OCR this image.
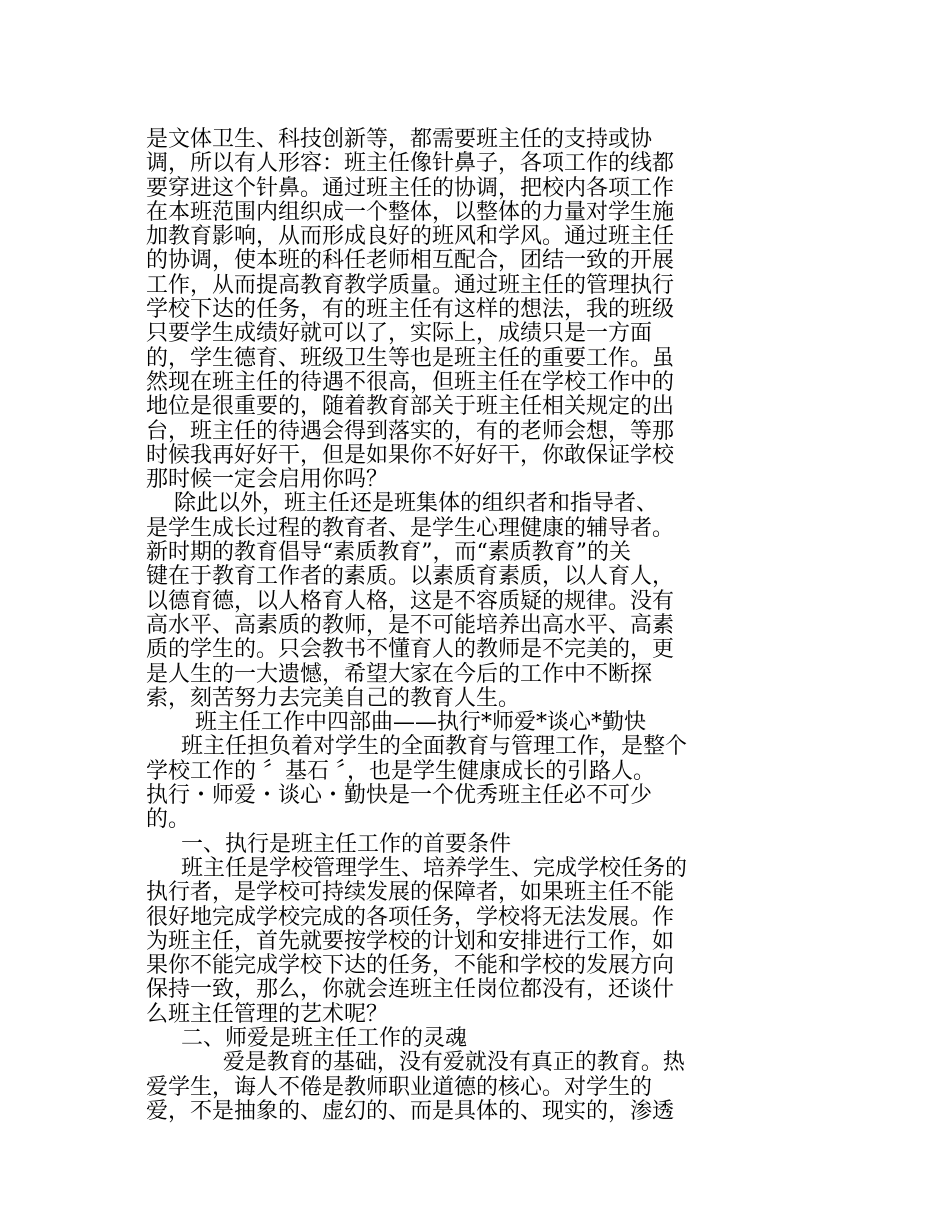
是文体卫生、科技创新等，都需要班主任的支持或协
调，所以有人形容：班主任像针鼻子，各项工作的线都
要穿进这个针鼻。通过班主任的协调，把校内各项工作
在本班范围内组织成一个整体，以整体的力量对学生施
加教育影响，从而形成良好的班风和学风。通过班主任
的协调，使本班的科任老师相互配合，团结一致的开展
工作，从而提高教育教学质量。通过班主任的管理执行
学校下达的任务，有的班主任有这样的想法，我的班级
只要学生成绩好就可以了，实际上，成绩只是一方面
的，学生德育、班级卫生等也是班主任的重要工作。虽
然现在班主任的待遇不很高，但班主任在学校工作中的
地位是很重要的，随着教育部关于班主任相关规定的出
台，班主任的待遇会得到落实的，有的老师会想，等那
时候我再好好干，但是如果你不好好干，你敢保证学校
那时候一定会启用你吗？
除此以外，班主任还是班集体的组织者和指导者、
是学生成长过程的教育者、是学生心理健康的辅导者。
新时期的教育倡导“素质教育”，而“素质教育”的关
键在于教育工作者的素质。以素质育素质，以人育人，
以德育德，以人格育人格，这是不容质疑的规律。没有
高水平、高素质的教师，是不可能培养出高水平、高素
质的学生的。只会教书不懂育人的教师是不完美的，更
是人生的一大遗憾，希望大家在今后的工作中不断探
索，刻苦努力去完美自己的教育人生。
班主任工作中四部曲——执行*师爱*谈心*勤快
班主任担负着对学生的全面教育与管理工作，是整个
学校工作的 〞基石 〞，也是学生健康成长的引路人。
执行・师爱・谈心・勤快是一个优秀班主任必不可少
的。
一、执行是班主任工作的首要条件
班主任是学校管理学生、培养学生、完成学校任务的
执行者，是学校可持续发展的保障者，如果班主任不能
很好地完成学校完成的各项任务，学校将无法发展。作
为班主任，首先就要按学校的计划和安排进行工作，如
果你不能完成学校下达的任务，不能和学校的发展方向
保持一致，那么，你就会连班主任岗位都没有，还谈什
么班主任管理的艺术呢？
二、师爱是班主任工作的灵魂
爱是教育的基础，没有爱就没有真正的教育。热
爱学生，诲人不倦是教师职业道德的核心。对学生的
爱，不是抽象的、虚幻的、而是具体的、现实的，渗透
